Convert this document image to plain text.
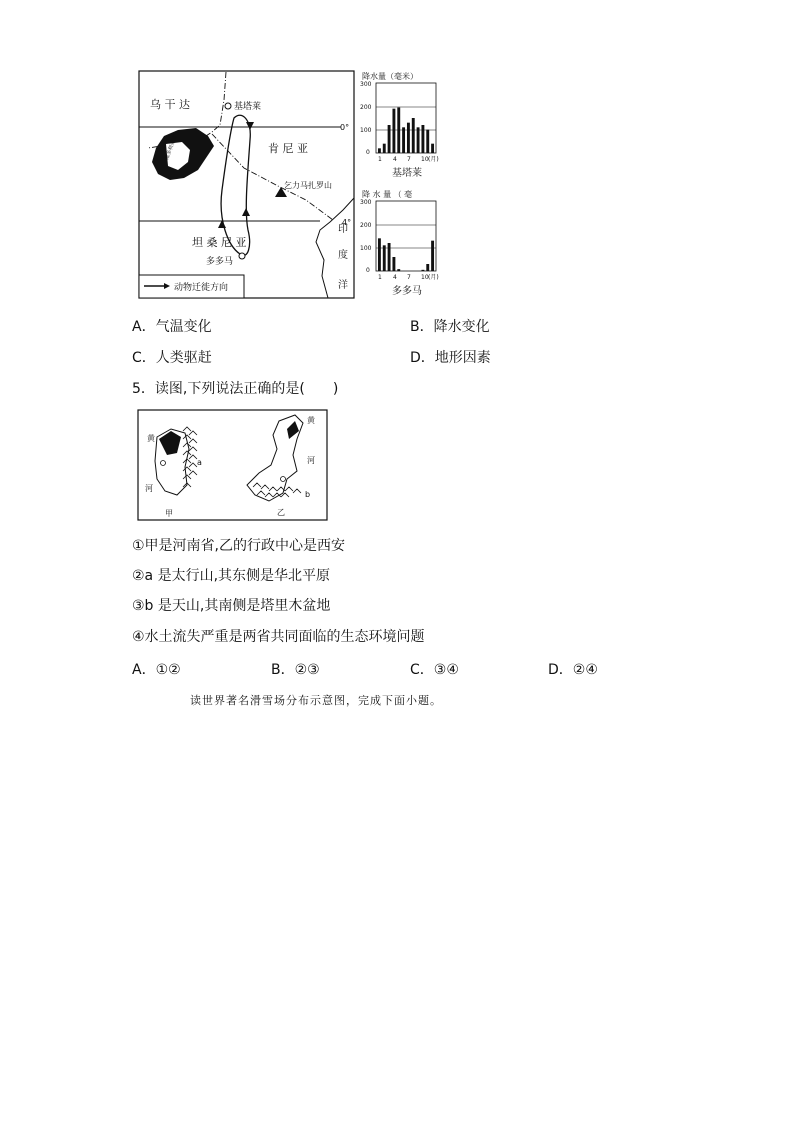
乌 干 达
维多利亚湖	肯 尼 亚
坦 桑 尼 亚
基塔莱
多多马
乞力马扎罗山
印
度
洋
0°
4°
动物迁徙方向
降水量（毫米）
300
200
100
0
1 4 7 10 (月)
基塔莱
降 水 量 （ 毫
300
200
100
0
1 4 7 10 (月)
多多马
A．气温变化	B．降水变化
C．人类驱赶	D．地形因素
5．读图,下列说法正确的是(　　)
黄
河
a
甲
黄
河
b
乙
①甲是河南省,乙的行政中心是西安
②a 是太行山,其东侧是华北平原
③b 是天山,其南侧是塔里木盆地
④水土流失严重是两省共同面临的生态环境问题
A．①②	B．②③	C．③④	D．②④
读世界著名滑雪场分布示意图，完成下面小题。
